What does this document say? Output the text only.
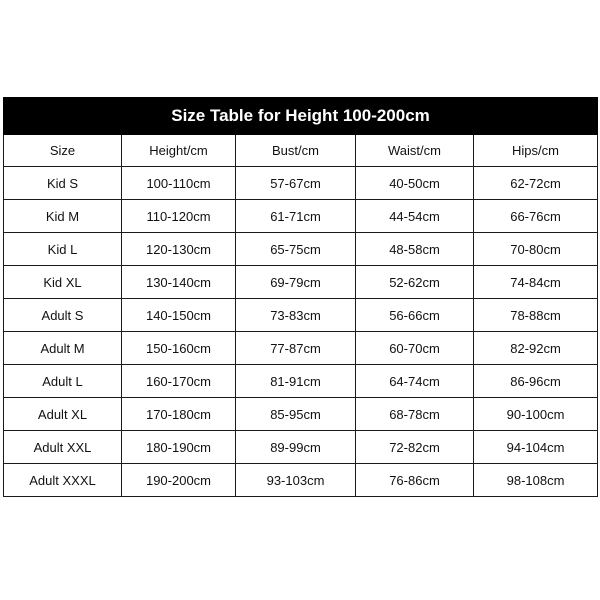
Size Table for Height 100-200cm				
Size	Height/cm	Bust/cm	Waist/cm	Hips/cm
Kid S	100-110cm	57-67cm	40-50cm	62-72cm
Kid M	110-120cm	61-71cm	44-54cm	66-76cm
Kid L	120-130cm	65-75cm	48-58cm	70-80cm
Kid XL	130-140cm	69-79cm	52-62cm	74-84cm
Adult S	140-150cm	73-83cm	56-66cm	78-88cm
Adult M	150-160cm	77-87cm	60-70cm	82-92cm
Adult L	160-170cm	81-91cm	64-74cm	86-96cm
Adult XL	170-180cm	85-95cm	68-78cm	90-100cm
Adult XXL	180-190cm	89-99cm	72-82cm	94-104cm
Adult XXXL	190-200cm	93-103cm	76-86cm	98-108cm
